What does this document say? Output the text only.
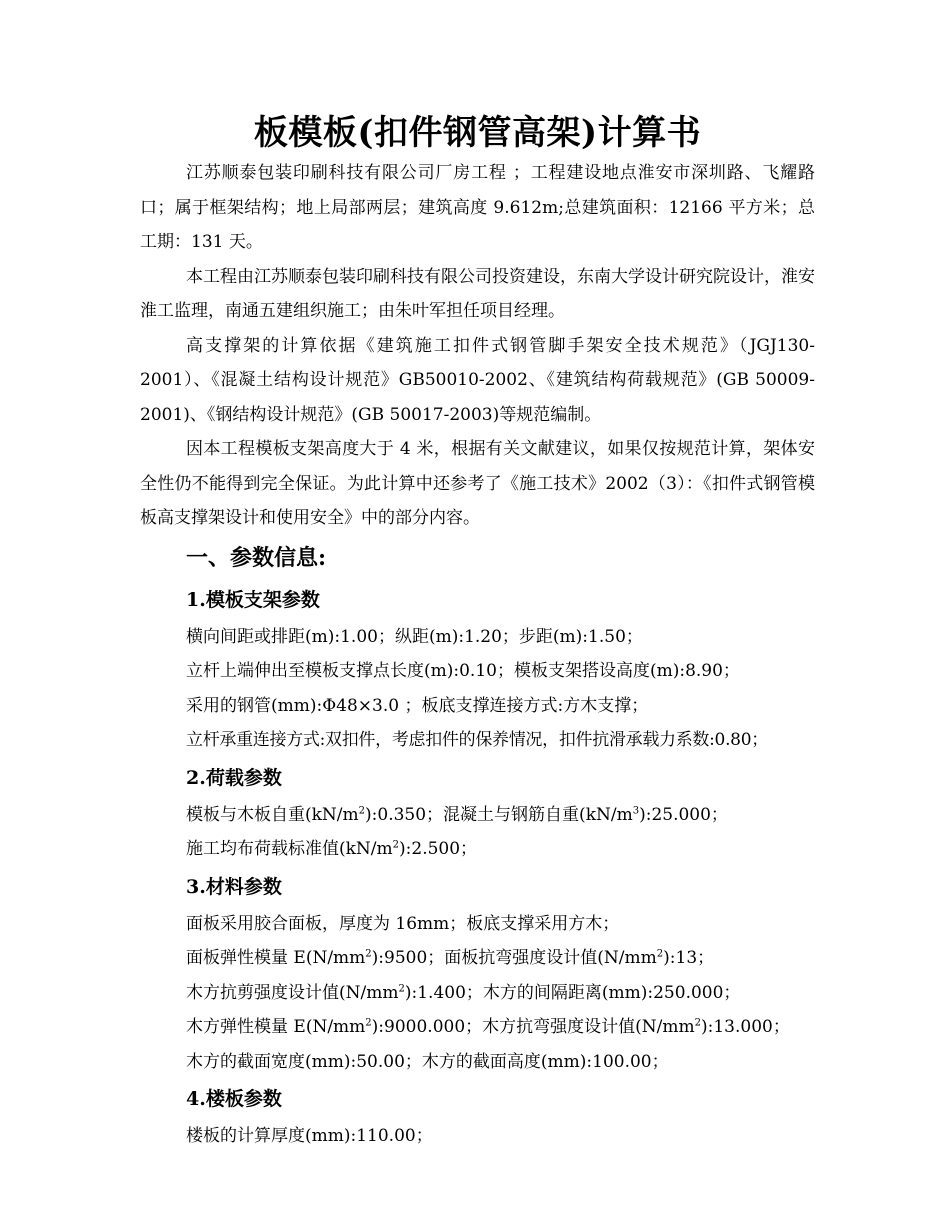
板模板(扣件钢管高架)计算书

江苏顺泰包装印刷科技有限公司厂房工程 ；工程建设地点淮安市深圳路、飞耀路口；属于框架结构；地上局部两层；建筑高度 9.612m;总建筑面积：12166 平方米；总工期：131 天。

本工程由江苏顺泰包装印刷科技有限公司投资建设，东南大学设计研究院设计，淮安淮工监理，南通五建组织施工；由朱叶军担任项目经理。

高支撑架的计算依据《建筑施工扣件式钢管脚手架安全技术规范》（JGJ130-2001）、《混凝土结构设计规范》GB50010-2002、《建筑结构荷载规范》(GB 50009-2001)、《钢结构设计规范》(GB 50017-2003)等规范编制。

因本工程模板支架高度大于 4 米，根据有关文献建议，如果仅按规范计算，架体安全性仍不能得到完全保证。为此计算中还参考了《施工技术》2002（3）：《扣件式钢管模板高支撑架设计和使用安全》中的部分内容。

一、参数信息:
1.模板支架参数

横向间距或排距(m):1.00；纵距(m):1.20；步距(m):1.50；

立杆上端伸出至模板支撑点长度(m):0.10；模板支架搭设高度(m):8.90；

采用的钢管(mm):Φ48×3.0 ；板底支撑连接方式:方木支撑；

立杆承重连接方式:双扣件，考虑扣件的保养情况，扣件抗滑承载力系数:0.80；

2.荷载参数

模板与木板自重$(kN/m^2):0.350$；混凝土与钢筋自重$(kN/m^3):25.000$；

施工均布荷载标准值$(kN/m^2):2.500$；

3.材料参数

面板采用胶合面板，厚度为 16mm；板底支撑采用方木；

面板弹性模量 $E(N/mm^2):9500$；面板抗弯强度设计值$(N/mm^2):13$；

木方抗剪强度设计值$(N/mm^2):1.400$；木方的间隔距离(mm):250.000；

木方弹性模量 $E(N/mm^2):9000.000$；木方抗弯强度设计值$(N/mm^2):13.000$；

木方的截面宽度(mm):50.00；木方的截面高度(mm):100.00；

4.楼板参数

楼板的计算厚度(mm):110.00；
